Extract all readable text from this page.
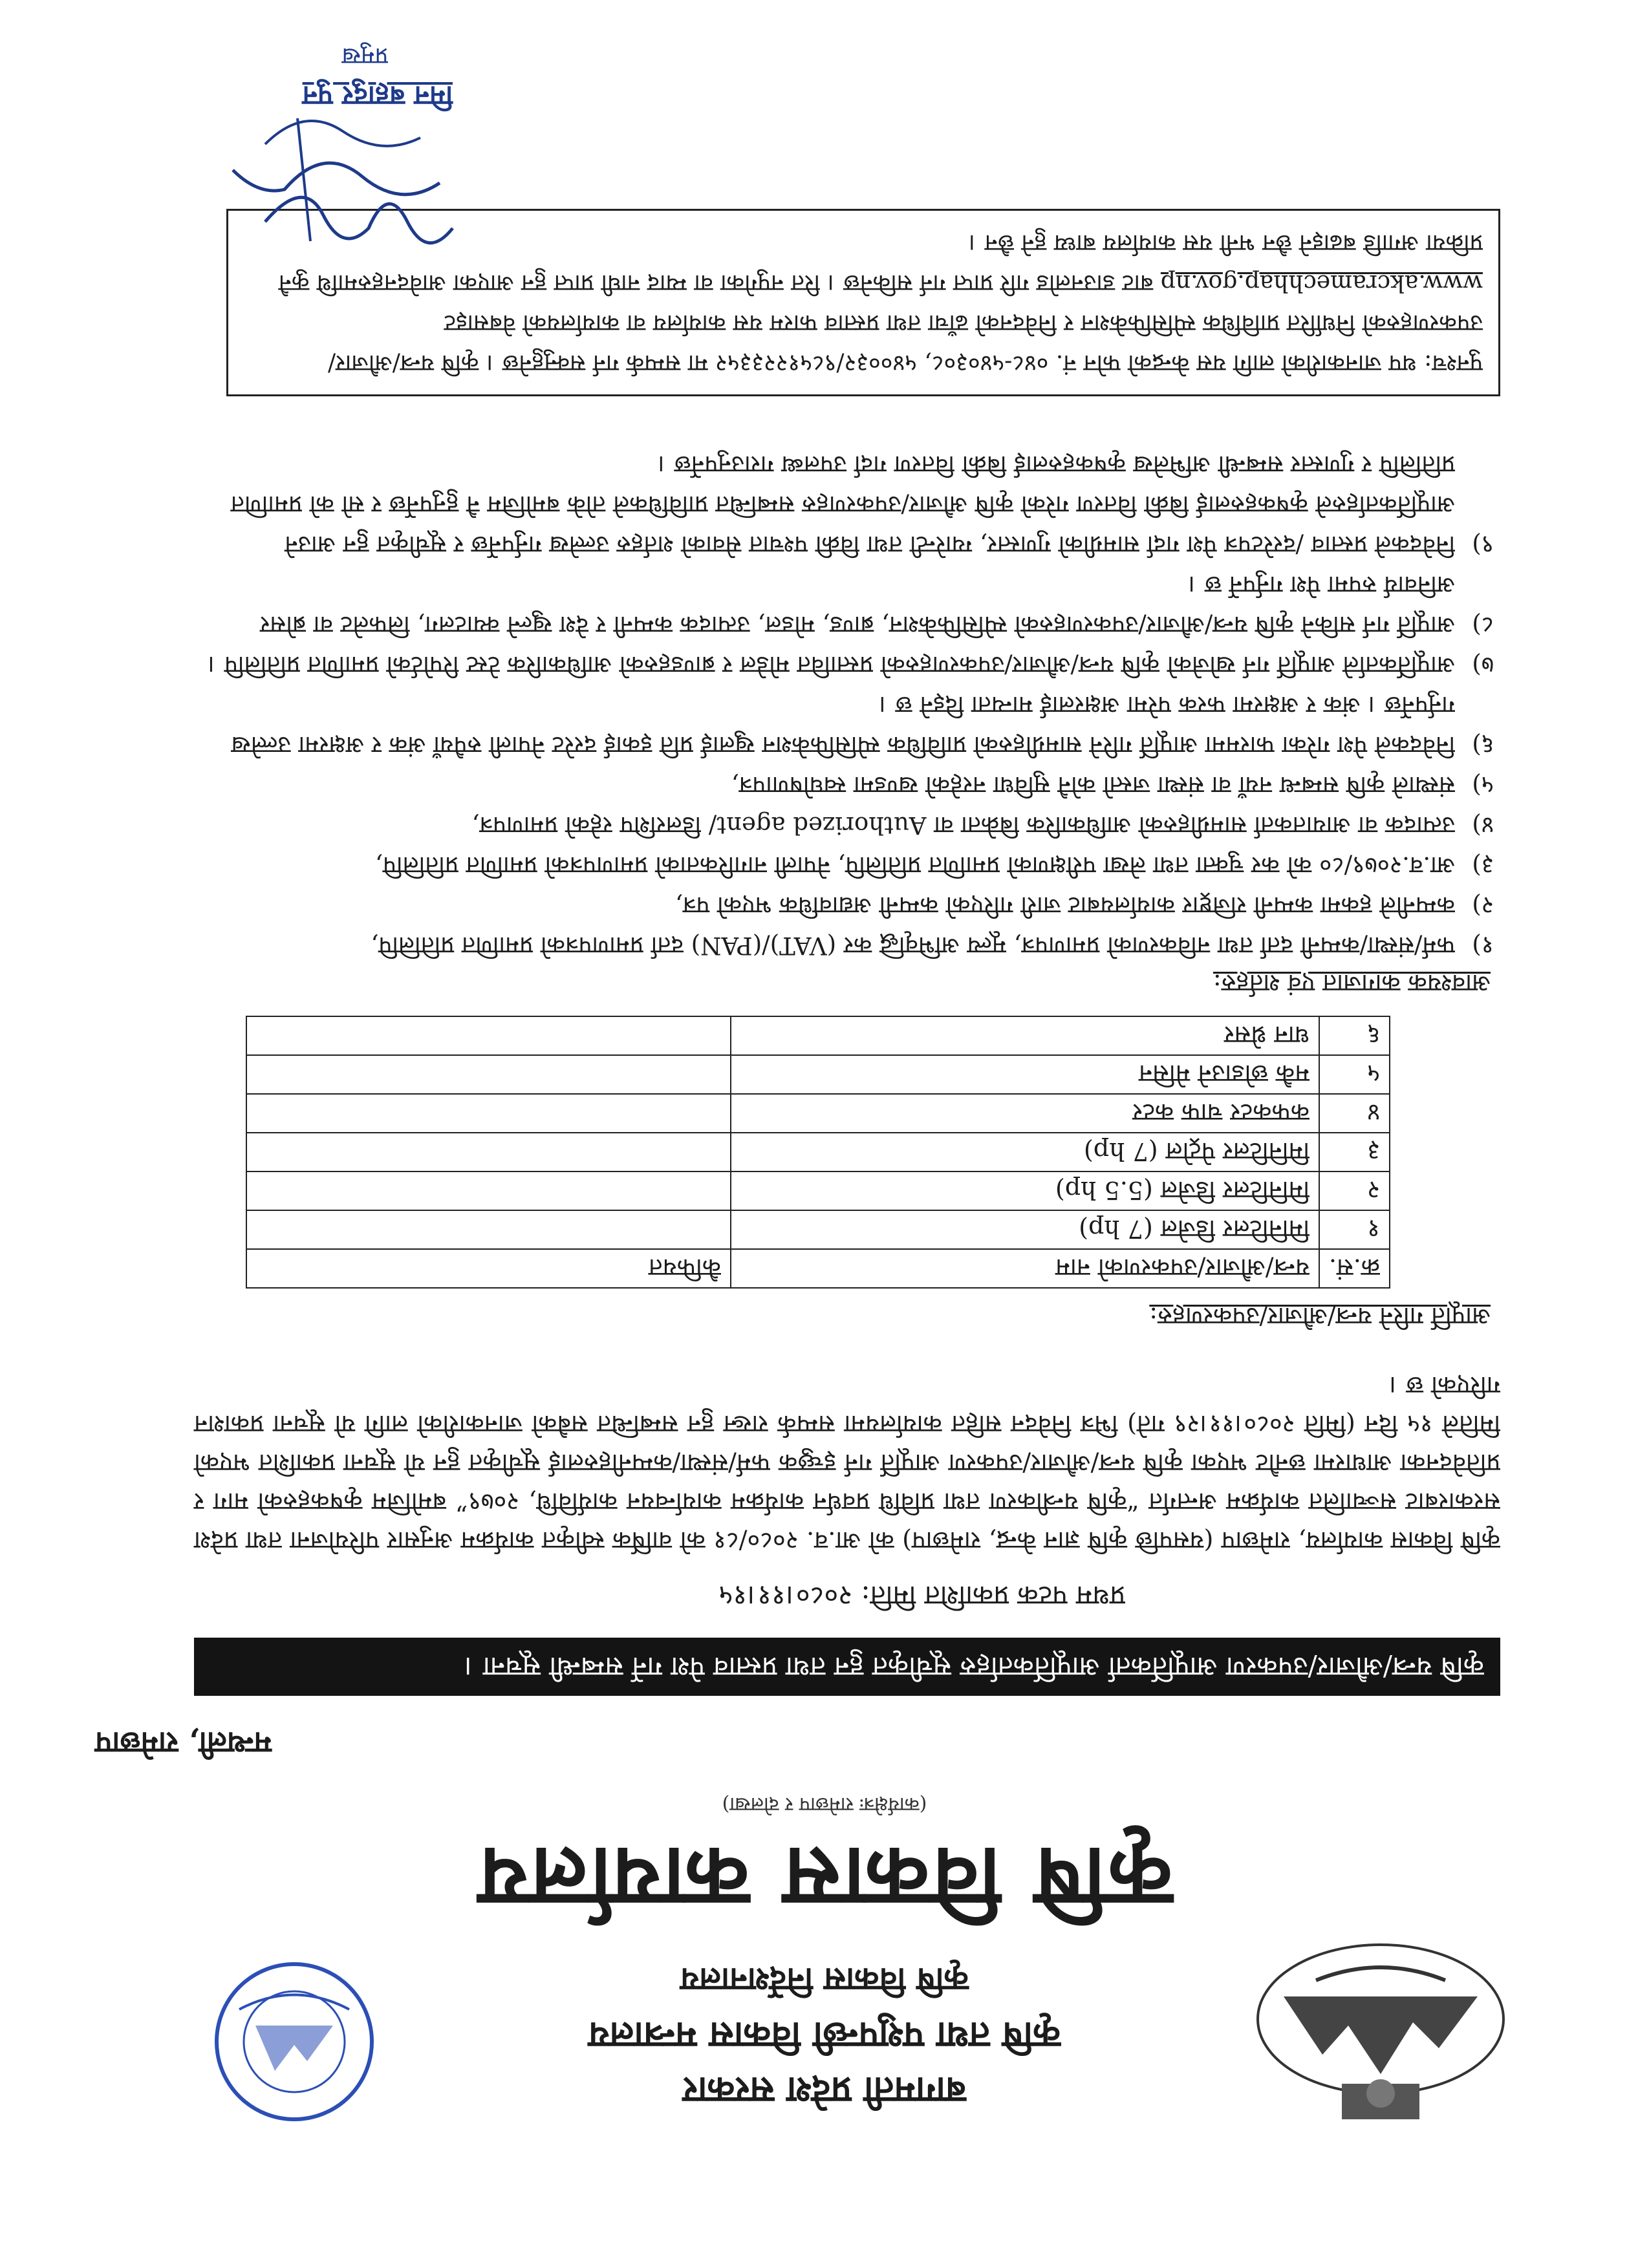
बागमती प्रदेश सरकार
कृषि तथा पशुपन्छी विकास मन्त्रालय
कृषि विकास निर्देशनालय
कृषि विकास कार्यालय
(कार्यक्षेत्रः रामेछाप र दोलखा)
मन्थली, रामेछाप
कृषि यन्त्र/औजार/उपकरण आपूर्तिकर्ता आपूर्तिकर्ताहरु सूचीकृत हुन तथा प्रस्ताव पेश गर्ने सम्बन्धी सूचना ।
प्रथम पटक प्रकाशित मिति: २०८०।११।१५
कृषि विकास कार्यालय, रामेछाप (यसपछि कृषि ज्ञान केन्द्र, रामेछाप) को आ.व. २०८०/८१ को वार्षिक स्वीकृत कार्यक्रम अनुसार परियोजना तथा प्रदेश सरकारबाट सञ्चालित कार्यक्रम अन्तर्गत “कृषि यन्त्रीकरण तथा प्रविधि प्रवर्धन कार्यक्रम कार्यान्वयन कार्यविधि, २०७९” बमोजिम कृषकहरुको माग र प्रतिवेदनका आधारमा छनौट भएका कृषि यन्त्र/औजार/उपकरण आपूर्ति गर्न इच्छुक फर्म/संस्था/कम्पनीहरुलाई सूचीकृत हुन यो सूचना प्रकाशित भएको मितिले १५ दिन (मिति २०८०।११।२९ गते) भित्र निवेदन सहित कार्यालयमा सम्पर्क राख्न हुन सम्बन्धित सबैको जानकारीको लागि यो सूचना प्रकाशन गरिएको छ ।
आपूर्ति गरिने यन्त्र/औजार/उपकरणहरु:
क्र.सं.	यन्त्र/औजार/उपकरणको नाम	कैफियत
१	मिनिटिलर डिजेल (7 hp)	
२	मिनिटिलर डिजेल (5.5 hp)	
३	मिनिटिलर पेट्रोल (7 hp)	
४	कफकटर चाफ कटर	
५	मकै छोडाउने मेसिन	
६	धान थ्रेसर	
आवश्यक कागजात एवं शर्तहरु:
१)
फर्म/संस्था/कम्पनी दर्ता तथा नविकरणको प्रमाणपत्र, मूल्य अभिवृद्धि कर (VAT)/(PAN) दर्ता प्रमाणपत्रको प्रमाणित प्रतिलिपि,
२)
कम्पनीले हकमा कम्पनी रजिष्ट्रार कार्यालयबाट जारी गरिएको कम्पनी अद्यावधिक भएको पत्र,
३)
आ.व.२०७९/८० को कर चुक्ता तथा लेखा परीक्षणको प्रमाणित प्रतिलिपि, नेपाली नागरिकताको प्रमाणपत्रको प्रमाणित प्रतिलिपि,
४)
उत्पादक वा आयातकर्ता सामग्रीहरुको आधिकारिक बिक्रेता वा Authorized agent/ डिलरशिप रहेको प्रमाणपत्र,
५)
संस्थाले कृषि सम्बन्ध नयाँ वा संस्था जस्तो कोनै सुविधा नरहेको खण्डमा स्वघोषणापत्र,
६)
निवेदकले पेश गरेका फारममा आपूर्ति गरिने सामग्रीहरुको प्राविधिक स्पेसिफिकेशन खुलाई प्रति इकाई दररेट नेपाली रुपैयाँ अंक र अक्षरमा उल्लेख गर्नुपर्नेछ । अंक र अक्षरमा फरक परेमा अक्षरलाई मान्यता दिइने छ ।
७)
आपूर्तिकर्ताले आपूर्ति गर्न खोजेको कृषि यन्त्र/औजार/उपकरणहरुको प्रस्तावित मोडेल र ब्राण्डहरुको आधिकारिक टेस्ट रिपोर्टको प्रमाणित प्रतिलिपि ।
८)
आपूर्ति गर्न सकिने कृषि यन्त्र/औजार/उपकरणहरुको स्पेसिफिकेशन, ब्राण्ड, मोडल, उत्पादक कम्पनी र देश खुल्ने क्याटलग, लिफलेट वा ब्रोसर अनिवार्य रुपमा पेश गर्नुपर्ने छ ।
९)
निवेदकले प्रस्ताव /दररेटपत्र पेश गर्दा सामग्रीको गुणस्तर, ग्यारेन्टी तथा विक्री पश्चात सेवाको शर्तहरु उल्लेख गर्नुपर्नेछ र सूचीकृत हुन आउने आपूर्तिकर्ताहरुले कृषकहरुलाई बिक्री वितरण गरेको कृषि औजार/उपकरणहरु सम्बन्धित प्राविधिकले तोके बमोजिम नै हुनुपर्नेछ र सो को प्रमाणित प्रतिलिपि र गुणस्तर सम्बन्धी अभिलेख कृषकहरुलाई बिक्री वितरण गर्दा उपलब्ध गराउनुपर्नेछ ।
पुनश्च: थप जानकारीको लागि यस केन्द्रको फोन नं. ०४८-५४०३०८, ५४००३२/९८५१२२३३५२ मा सम्पर्क गर्न सक्नुहुनेछ । कृषि यन्त्र/औजार/उपकरणहरुको निर्धारित प्राविधिक स्पेसिफिकेशन र निवेदनको ढाँचा तथा प्रस्ताव फारम यस कार्यालय वा कार्यालयको वेबसाइट www.akcramechhap.gov.np बाट डाउनलोड गरि प्राप्त गर्न सकिनेछ । रित नपुगेका वा म्याद नाघी प्राप्त हुन आएका आवेदनहरुमाथि कुनै प्रक्रिया अगाडि बढाइने छैन भनी यस कार्यालय बाध्य हुने छैन ।
मिन बहादुर पुन
प्रमुख
